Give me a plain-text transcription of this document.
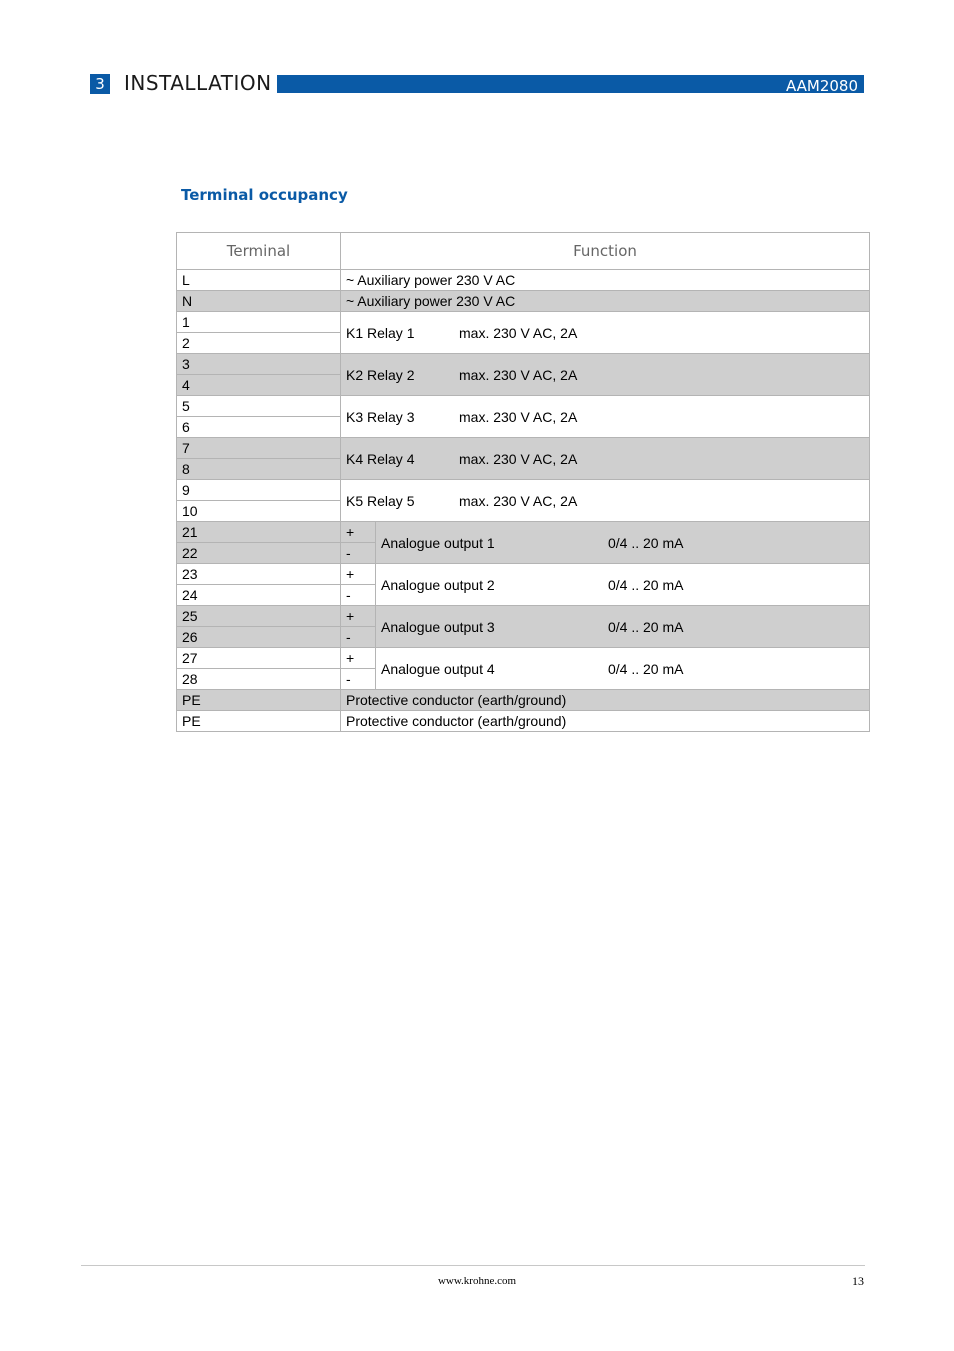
3 INSTALLATION	AAM2080
Terminal occupancy
Terminal	Function	
L	~ Auxiliary power 230 V AC	
N	~ Auxiliary power 230 V AC	
1	K1 Relay 1 max. 230 V AC, 2A	
2		
3	K2 Relay 2 max. 230 V AC, 2A	
4		
5	K3 Relay 3 max. 230 V AC, 2A	
6		
7	K4 Relay 4 max. 230 V AC, 2A	
8		
9	K5 Relay 5 max. 230 V AC, 2A	
10		
21	+	Analogue output 1 0/4 .. 20 mA
22	-	
23	+	Analogue output 2 0/4 .. 20 mA
24	-	
25	+	Analogue output 3 0/4 .. 20 mA
26	-	
27	+	Analogue output 4 0/4 .. 20 mA
28	-	
PE	Protective conductor (earth/ground)	
PE	Protective conductor (earth/ground)	
www.krohne.com	13
